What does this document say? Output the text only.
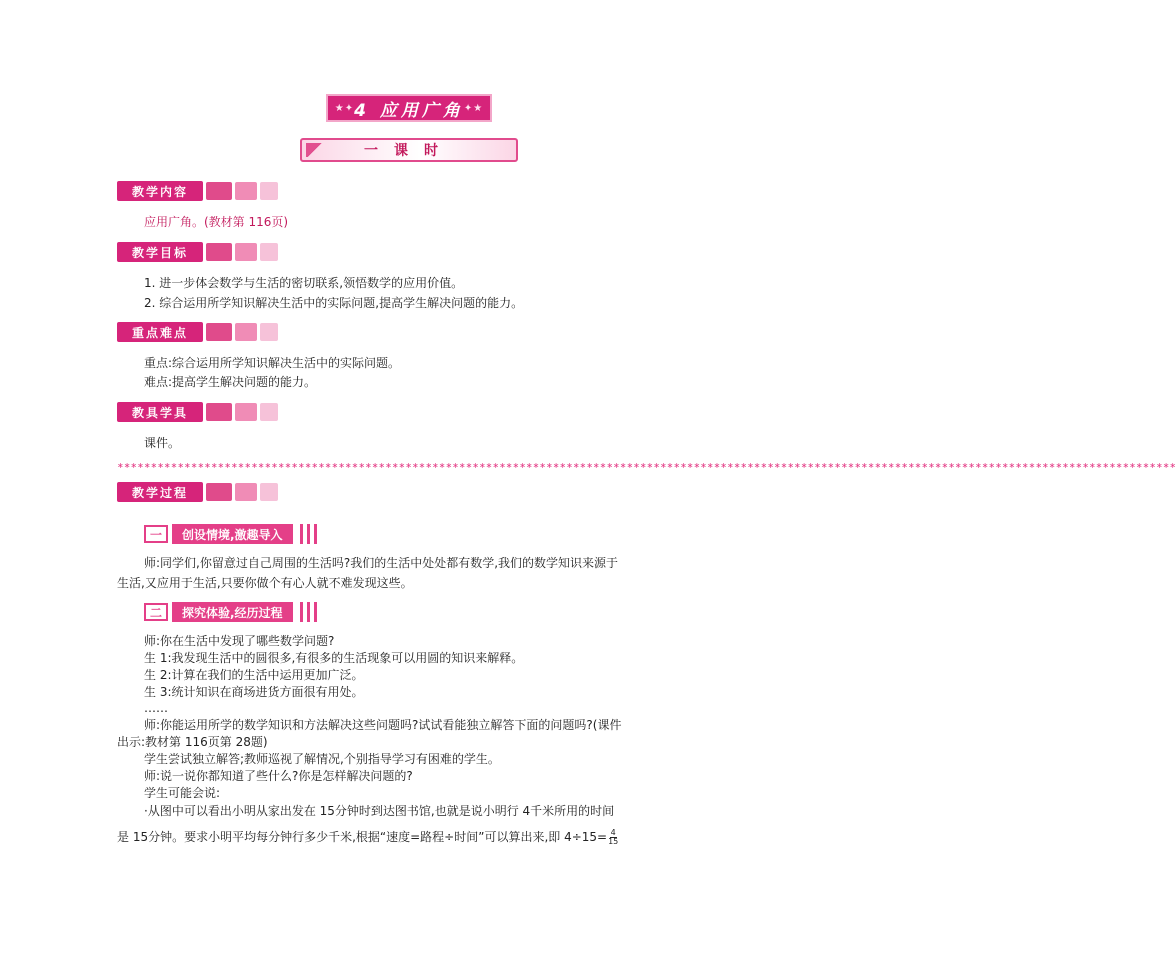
★✦ 4 应用广角 ✦★
一课时
教学内容
应用广角。(教材第 116页)
教学目标
1. 进一步体会数学与生活的密切联系,领悟数学的应用价值。
2. 综合运用所学知识解决生活中的实际问题,提高学生解决问题的能力。
重点难点
重点:综合运用所学知识解决生活中的实际问题。
难点:提高学生解决问题的能力。
教具学具
课件。
∗∗∗∗∗∗∗∗∗∗∗∗∗∗∗∗∗∗∗∗∗∗∗∗∗∗∗∗∗∗∗∗∗∗∗∗∗∗∗∗∗∗∗∗∗∗∗∗∗∗∗∗∗∗∗∗∗∗∗∗∗∗∗∗∗∗∗∗∗∗∗∗∗∗∗∗∗∗∗∗∗∗∗∗∗∗∗∗∗∗∗∗∗∗∗∗∗∗∗∗∗∗∗∗∗∗∗∗∗∗∗∗∗∗∗∗∗∗∗∗∗∗∗∗∗∗∗∗∗∗∗∗∗∗∗∗∗∗∗∗∗∗∗∗∗∗∗∗∗∗∗∗∗∗∗∗∗∗
教学过程
一	创设情境,激趣导入
师:同学们,你留意过自己周围的生活吗?我们的生活中处处都有数学,我们的数学知识来源于
生活,又应用于生活,只要你做个有心人就不难发现这些。
二	探究体验,经历过程
师:你在生活中发现了哪些数学问题?
生 1:我发现生活中的圆很多,有很多的生活现象可以用圆的知识来解释。
生 2:计算在我们的生活中运用更加广泛。
生 3:统计知识在商场进货方面很有用处。
……
师:你能运用所学的数学知识和方法解决这些问题吗?试试看能独立解答下面的问题吗?(课件
出示:教材第 116页第 28题)
学生尝试独立解答;教师巡视了解情况,个别指导学习有困难的学生。
师:说一说你都知道了些什么?你是怎样解决问题的?
学生可能会说:
·从图中可以看出小明从家出发在 15分钟时到达图书馆,也就是说小明行 4千米所用的时间
是 15分钟。要求小明平均每分钟行多少千米,根据“速度=路程÷时间”可以算出来,即 $4\div 15= \frac{4}{15}$
